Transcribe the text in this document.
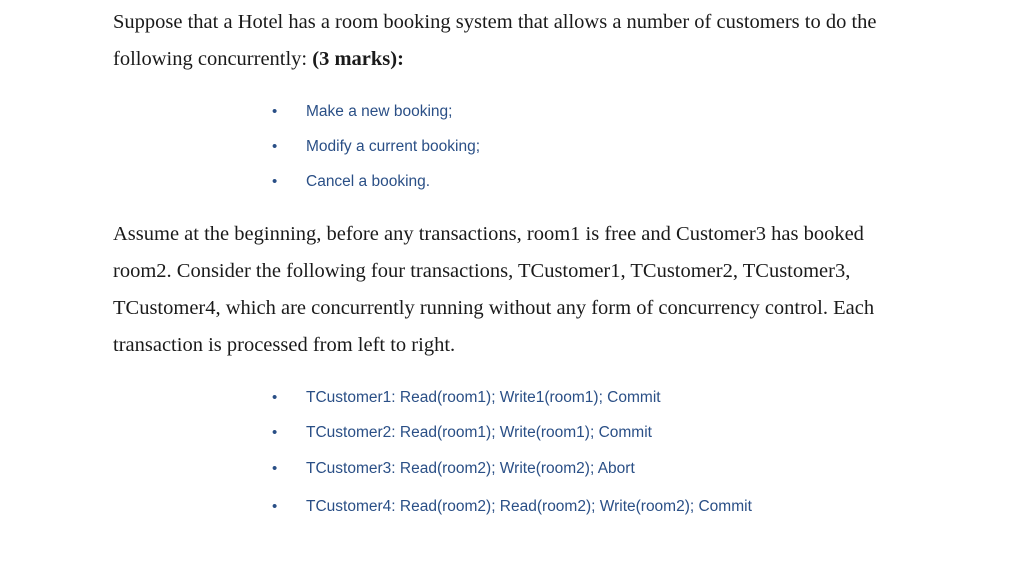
Suppose that a Hotel has a room booking system that allows a number of customers to do the following concurrently: (3 marks):

•	Make a new booking;
•	Modify a current booking;
•	Cancel a booking.

Assume at the beginning, before any transactions, room1 is free and Customer3 has booked room2. Consider the following four transactions, TCustomer1, TCustomer2, TCustomer3, TCustomer4, which are concurrently running without any form of concurrency control. Each transaction is processed from left to right.

•	TCustomer1: Read(room1); Write1(room1); Commit
•	TCustomer2: Read(room1); Write(room1); Commit
•	TCustomer3: Read(room2); Write(room2); Abort
•	TCustomer4: Read(room2); Read(room2); Write(room2); Commit
